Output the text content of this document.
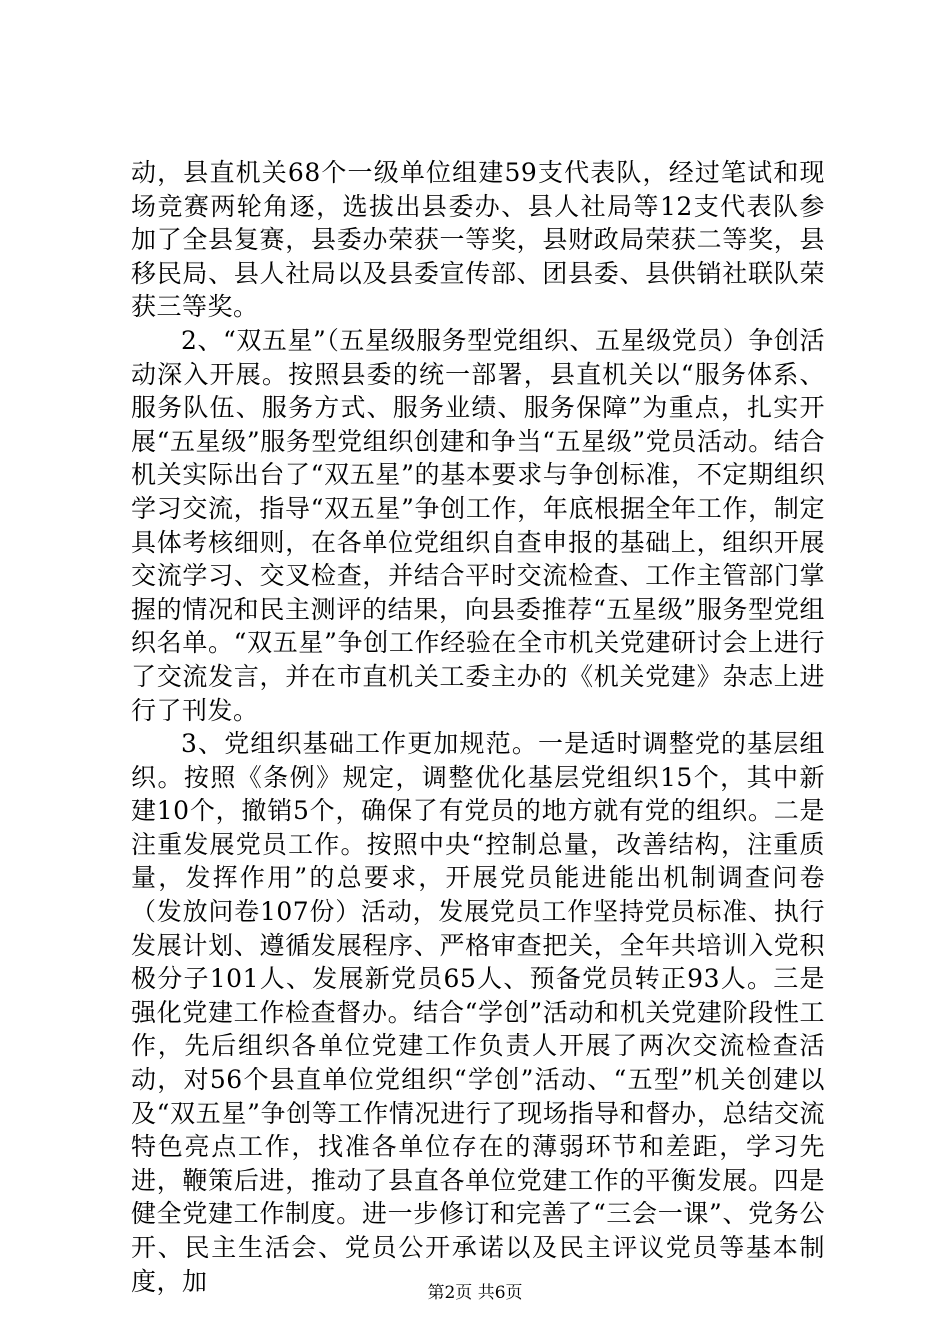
动，县直机关68个一级单位组建59支代表队，经过笔试和现场竞赛两轮角逐，选拔出县委办、县人社局等12支代表队参加了全县复赛，县委办荣获一等奖，县财政局荣获二等奖，县移民局、县人社局以及县委宣传部、团县委、县供销社联队荣获三等奖。

2、“双五星”（五星级服务型党组织、五星级党员）争创活动深入开展。按照县委的统一部署，县直机关以“服务体系、服务队伍、服务方式、服务业绩、服务保障”为重点，扎实开展“五星级”服务型党组织创建和争当“五星级”党员活动。结合机关实际出台了“双五星”的基本要求与争创标准，不定期组织学习交流，指导“双五星”争创工作，年底根据全年工作，制定具体考核细则，在各单位党组织自查申报的基础上，组织开展交流学习、交叉检查，并结合平时交流检查、工作主管部门掌握的情况和民主测评的结果，向县委推荐“五星级”服务型党组织名单。“双五星”争创工作经验在全市机关党建研讨会上进行了交流发言，并在市直机关工委主办的《机关党建》杂志上进行了刊发。

3、党组织基础工作更加规范。一是适时调整党的基层组织。按照《条例》规定，调整优化基层党组织15个，其中新建10个，撤销5个，确保了有党员的地方就有党的组织。二是注重发展党员工作。按照中央“控制总量，改善结构，注重质量，发挥作用”的总要求，开展党员能进能出机制调查问卷（发放问卷107份）活动，发展党员工作坚持党员标准、执行发展计划、遵循发展程序、严格审查把关，全年共培训入党积极分子101人、发展新党员65人、预备党员转正93人。三是强化党建工作检查督办。结合“学创”活动和机关党建阶段性工作，先后组织各单位党建工作负责人开展了两次交流检查活动，对56个县直单位党组织“学创”活动、“五型”机关创建以及“双五星”争创等工作情况进行了现场指导和督办，总结交流特色亮点工作，找准各单位存在的薄弱环节和差距，学习先进，鞭策后进，推动了县直各单位党建工作的平衡发展。四是健全党建工作制度。进一步修订和完善了“三会一课”、党务公开、民主生活会、党员公开承诺以及民主评议党员等基本制度，加	第2页 共6页
